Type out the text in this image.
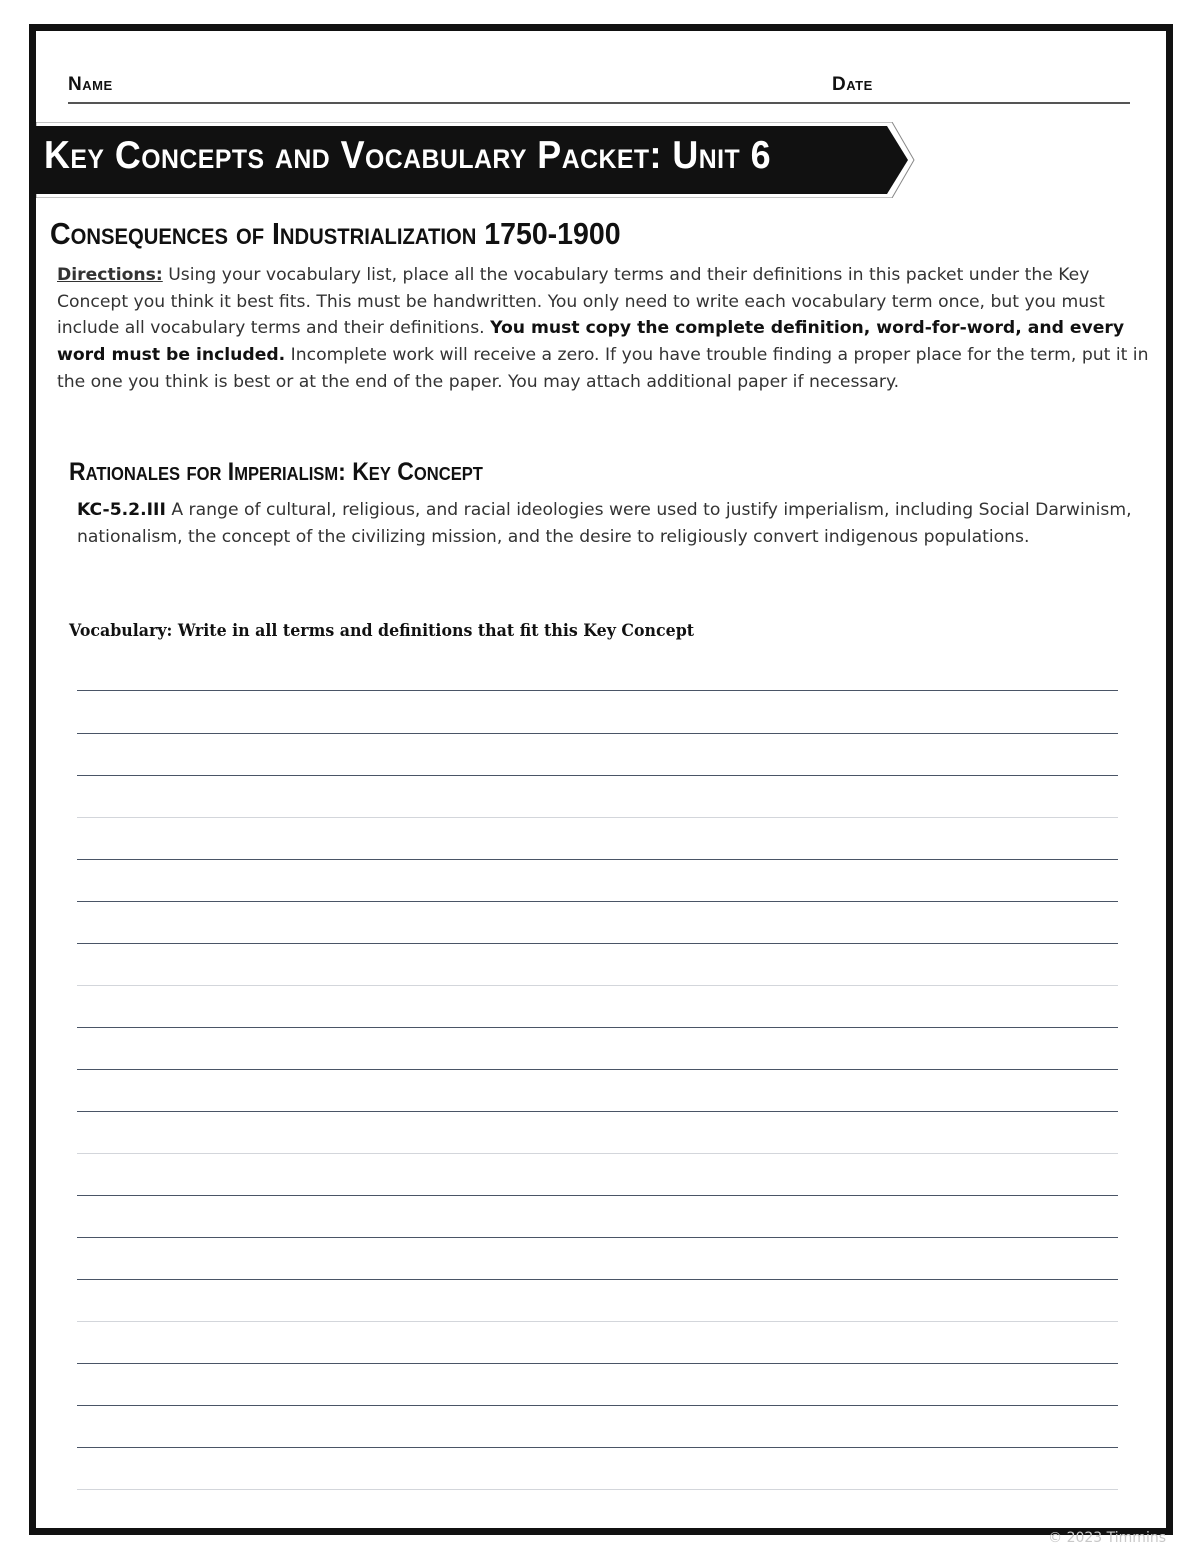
Name	Date
Key Concepts and Vocabulary Packet: Unit 6
Consequences of Industrialization 1750-1900
Directions: Using your vocabulary list, place all the vocabulary terms and their definitions in this packet under the Key Concept you think it best fits. This must be handwritten. You only need to write each vocabulary term once, but you must include all vocabulary terms and their definitions. You must copy the complete definition, word-for-word, and every word must be included. Incomplete work will receive a zero. If you have trouble finding a proper place for the term, put it in the one you think is best or at the end of the paper. You may attach additional paper if necessary.
Rationales for Imperialism: Key Concept
KC-5.2.III A range of cultural, religious, and racial ideologies were used to justify imperialism, including Social Darwinism, nationalism, the concept of the civilizing mission, and the desire to religiously convert indigenous populations.
Vocabulary: Write in all terms and definitions that fit this Key Concept
© 2023 Timmins
